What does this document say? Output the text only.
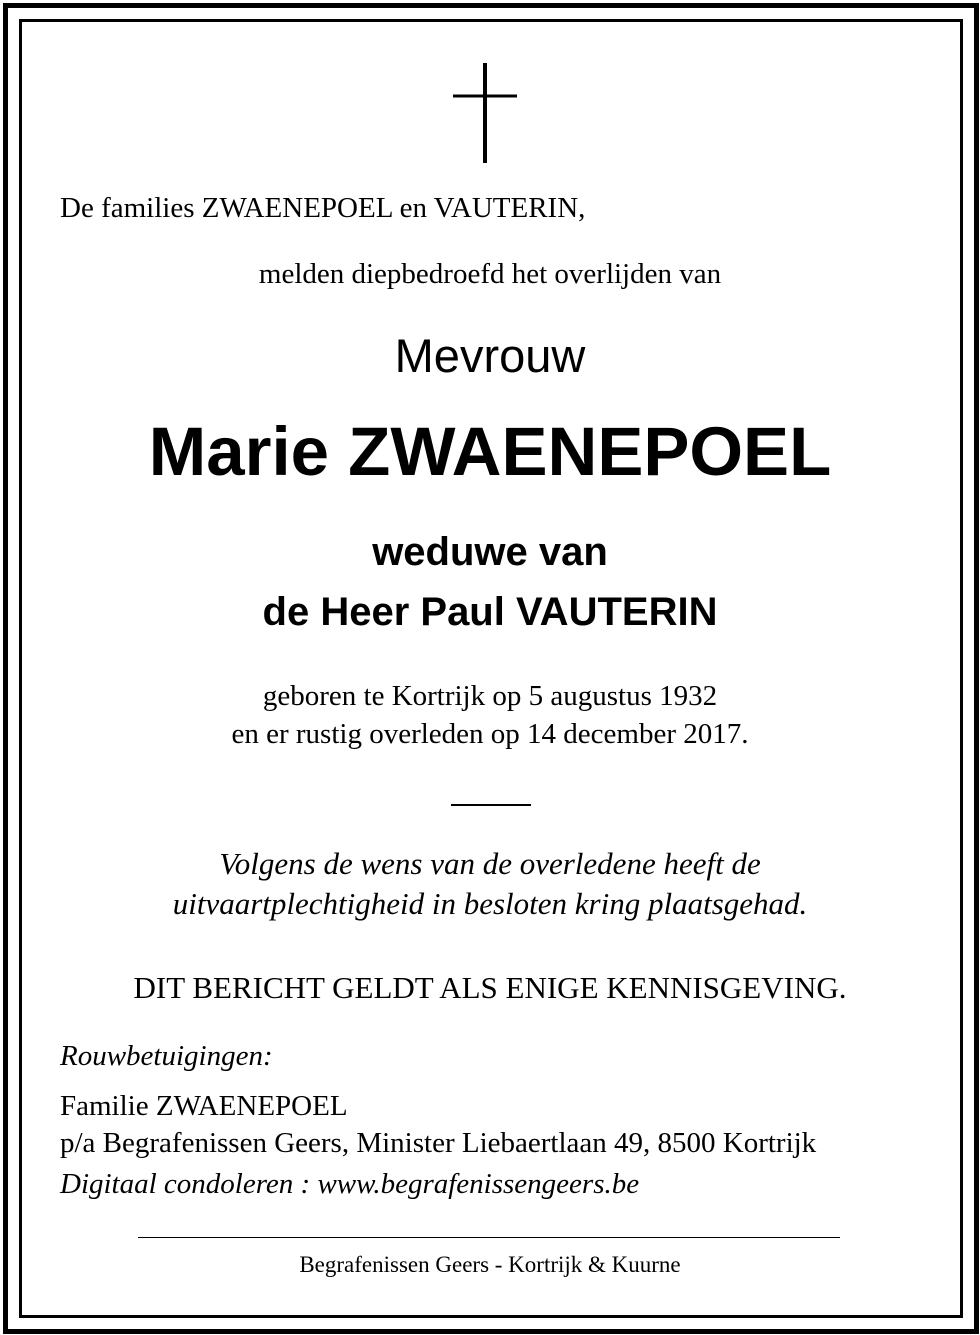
De families ZWAENEPOEL en VAUTERIN,
melden diepbedroefd het overlijden van
Mevrouw
Marie ZWAENEPOEL
weduwe van
de Heer Paul VAUTERIN
geboren te Kortrijk op 5 augustus 1932
en er rustig overleden op 14 december 2017.
Volgens de wens van de overledene heeft de
uitvaartplechtigheid in besloten kring plaatsgehad.
DIT BERICHT GELDT ALS ENIGE KENNISGEVING.
Rouwbetuigingen:
Familie ZWAENEPOEL
p/a Begrafenissen Geers, Minister Liebaertlaan 49, 8500 Kortrijk
Digitaal condoleren : www.begrafenissengeers.be
Begrafenissen Geers - Kortrijk & Kuurne
